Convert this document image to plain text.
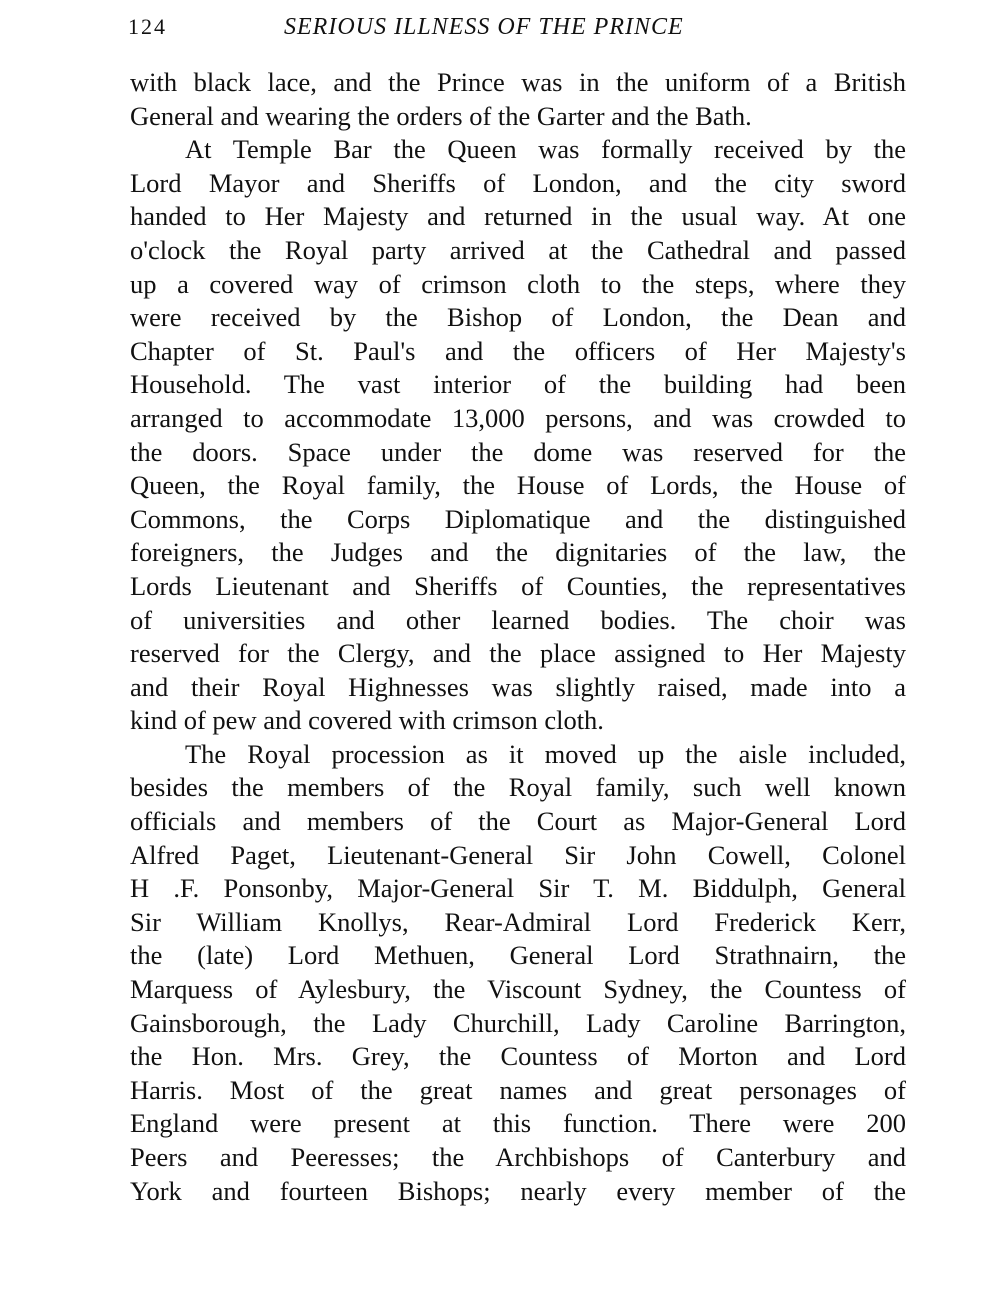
124	SERIOUS ILLNESS OF THE PRINCE
with black lace, and the Prince was in the uniform of a British
General and wearing the orders of the Garter and the Bath.
At Temple Bar the Queen was formally received by the
Lord Mayor and Sheriffs of London, and the city sword
handed to Her Majesty and returned in the usual way. At one
o'clock the Royal party arrived at the Cathedral and passed
up a covered way of crimson cloth to the steps, where they
were received by the Bishop of London, the Dean and
Chapter of St. Paul's and the officers of Her Majesty's
Household. The vast interior of the building had been
arranged to accommodate 13,000 persons, and was crowded to
the doors. Space under the dome was reserved for the
Queen, the Royal family, the House of Lords, the House of
Commons, the Corps Diplomatique and the distinguished
foreigners, the Judges and the dignitaries of the law, the
Lords Lieutenant and Sheriffs of Counties, the representatives
of universities and other learned bodies. The choir was
reserved for the Clergy, and the place assigned to Her Majesty
and their Royal Highnesses was slightly raised, made into a
kind of pew and covered with crimson cloth.
The Royal procession as it moved up the aisle included,
besides the members of the Royal family, such well known
officials and members of the Court as Major-General Lord
Alfred Paget, Lieutenant-General Sir John Cowell, Colonel
H .F. Ponsonby, Major-General Sir T. M. Biddulph, General
Sir William Knollys, Rear-Admiral Lord Frederick Kerr,
the (late) Lord Methuen, General Lord Strathnairn, the
Marquess of Aylesbury, the Viscount Sydney, the Countess of
Gainsborough, the Lady Churchill, Lady Caroline Barrington,
the Hon. Mrs. Grey, the Countess of Morton and Lord
Harris. Most of the great names and great personages of
England were present at this function. There were 200
Peers and Peeresses; the Archbishops of Canterbury and
York and fourteen Bishops; nearly every member of the
